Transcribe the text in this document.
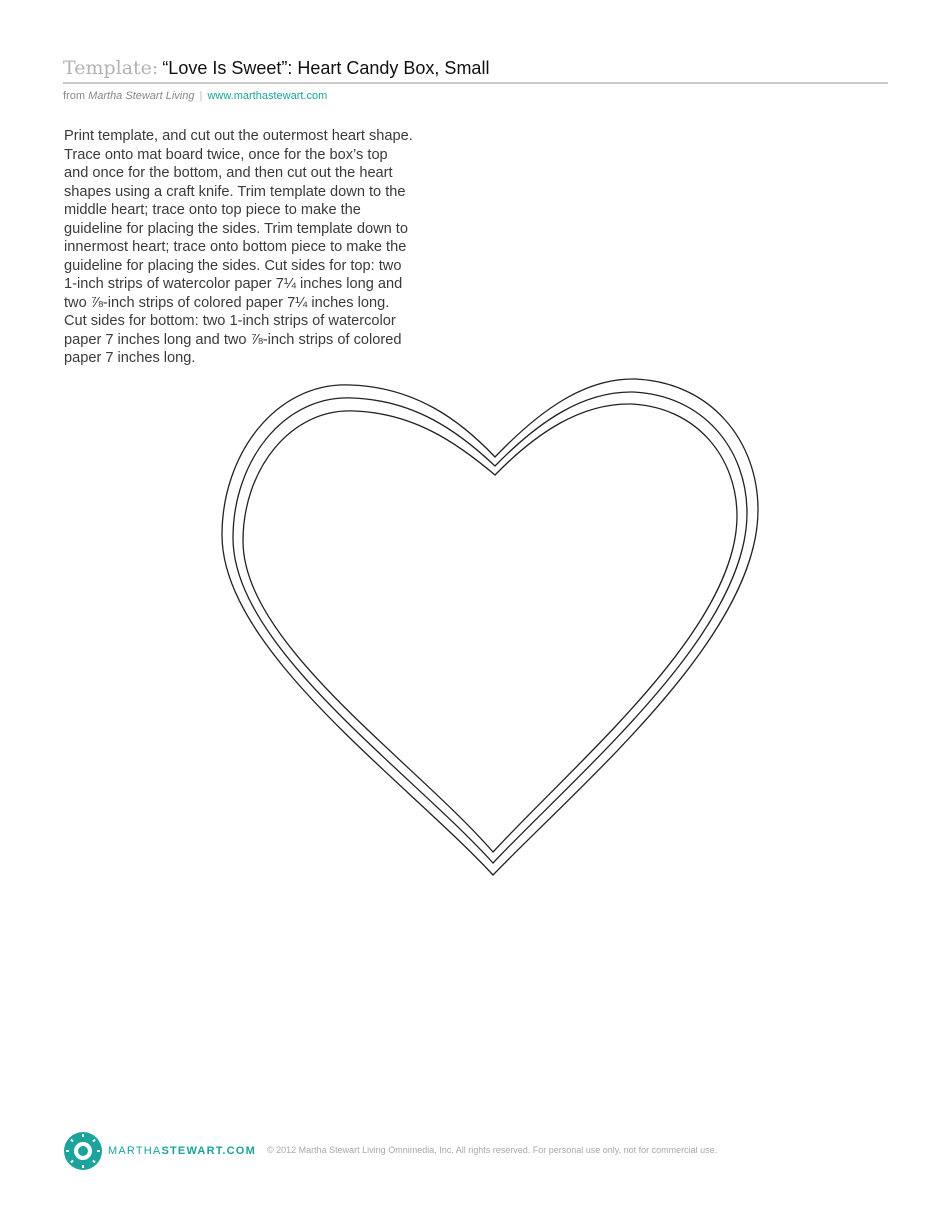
Template: “Love Is Sweet”: Heart Candy Box, Small
from Martha Stewart Living | www.marthastewart.com

Print template, and cut out the outermost heart shape. Trace onto mat board twice, once for the box’s top and once for the bottom, and then cut out the heart shapes using a craft knife. Trim template down to the middle heart; trace onto top piece to make the guideline for placing the sides. Trim template down to innermost heart; trace onto bottom piece to make the guideline for placing the sides. Cut sides for top: two 1-inch strips of watercolor paper 7¼ inches long and two ⅞-inch strips of colored paper 7¼ inches long. Cut sides for bottom: two 1-inch strips of watercolor paper 7 inches long and two ⅞-inch strips of colored paper 7 inches long.

MARTHASTEWART.COM © 2012 Martha Stewart Living Omnimedia, Inc. All rights reserved. For personal use only, not for commercial use.
